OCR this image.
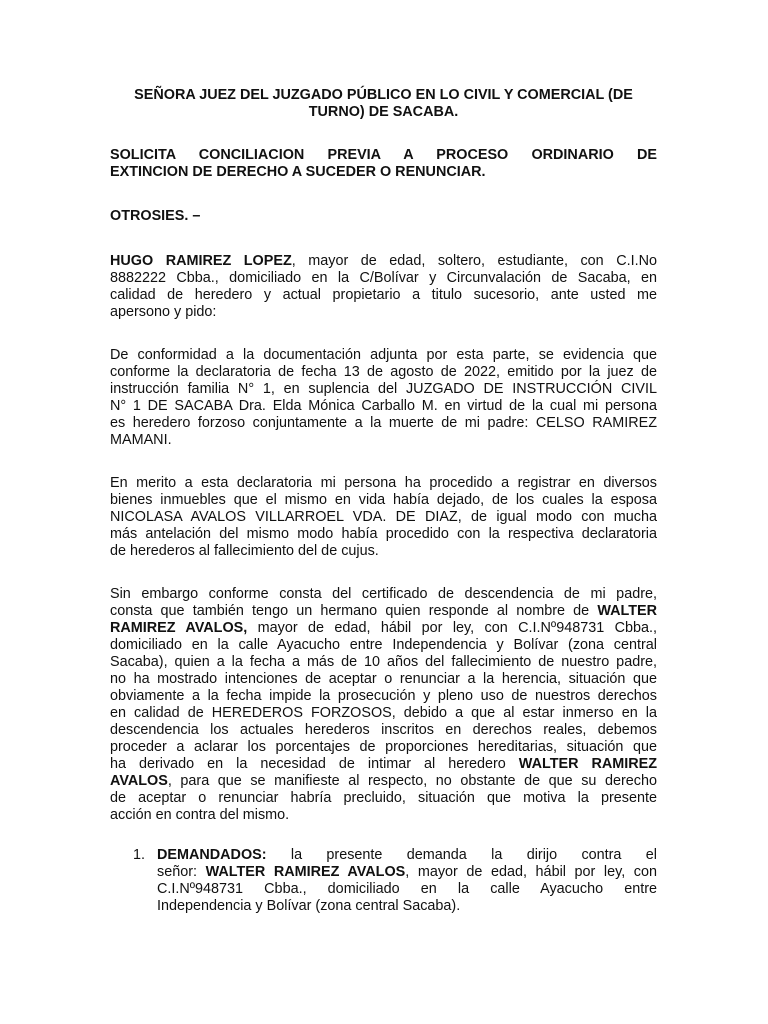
SEÑORA JUEZ DEL JUZGADO PÚBLICO EN LO CIVIL Y COMERCIAL (DE
TURNO) DE SACABA.
SOLICITA CONCILIACION PREVIA A PROCESO ORDINARIO DE
EXTINCION DE DERECHO A SUCEDER O RENUNCIAR.
OTROSIES. –
HUGO RAMIREZ LOPEZ, mayor de edad, soltero, estudiante, con C.I.No
8882222 Cbba., domiciliado en la C/Bolívar y Circunvalación de Sacaba, en
calidad de heredero y actual propietario a titulo sucesorio, ante usted me
apersono y pido:
De conformidad a la documentación adjunta por esta parte, se evidencia que
conforme la declaratoria de fecha 13 de agosto de 2022, emitido por la juez de
instrucción familia N° 1, en suplencia del JUZGADO DE INSTRUCCIÓN CIVIL
N° 1 DE SACABA Dra. Elda Mónica Carballo M. en virtud de la cual mi persona
es heredero forzoso conjuntamente a la muerte de mi padre: CELSO RAMIREZ
MAMANI.
En merito a esta declaratoria mi persona ha procedido a registrar en diversos
bienes inmuebles que el mismo en vida había dejado, de los cuales la esposa
NICOLASA AVALOS VILLARROEL VDA. DE DIAZ, de igual modo con mucha
más antelación del mismo modo había procedido con la respectiva declaratoria
de herederos al fallecimiento del de cujus.
Sin embargo conforme consta del certificado de descendencia de mi padre,
consta que también tengo un hermano quien responde al nombre de WALTER
RAMIREZ AVALOS, mayor de edad, hábil por ley, con C.I.Nº948731 Cbba.,
domiciliado en la calle Ayacucho entre Independencia y Bolívar (zona central
Sacaba), quien a la fecha a más de 10 años del fallecimiento de nuestro padre,
no ha mostrado intenciones de aceptar o renunciar a la herencia, situación que
obviamente a la fecha impide la prosecución y pleno uso de nuestros derechos
en calidad de HEREDEROS FORZOSOS, debido a que al estar inmerso en la
descendencia los actuales herederos inscritos en derechos reales, debemos
proceder a aclarar los porcentajes de proporciones hereditarias, situación que
ha derivado en la necesidad de intimar al heredero WALTER RAMIREZ
AVALOS, para que se manifieste al respecto, no obstante de que su derecho
de aceptar o renunciar habría precluido, situación que motiva la presente
acción en contra del mismo.
1. DEMANDADOS: la presente demanda la dirijo contra el
señor: WALTER RAMIREZ AVALOS, mayor de edad, hábil por ley, con
C.I.Nº948731 Cbba., domiciliado en la calle Ayacucho entre
Independencia y Bolívar (zona central Sacaba).
